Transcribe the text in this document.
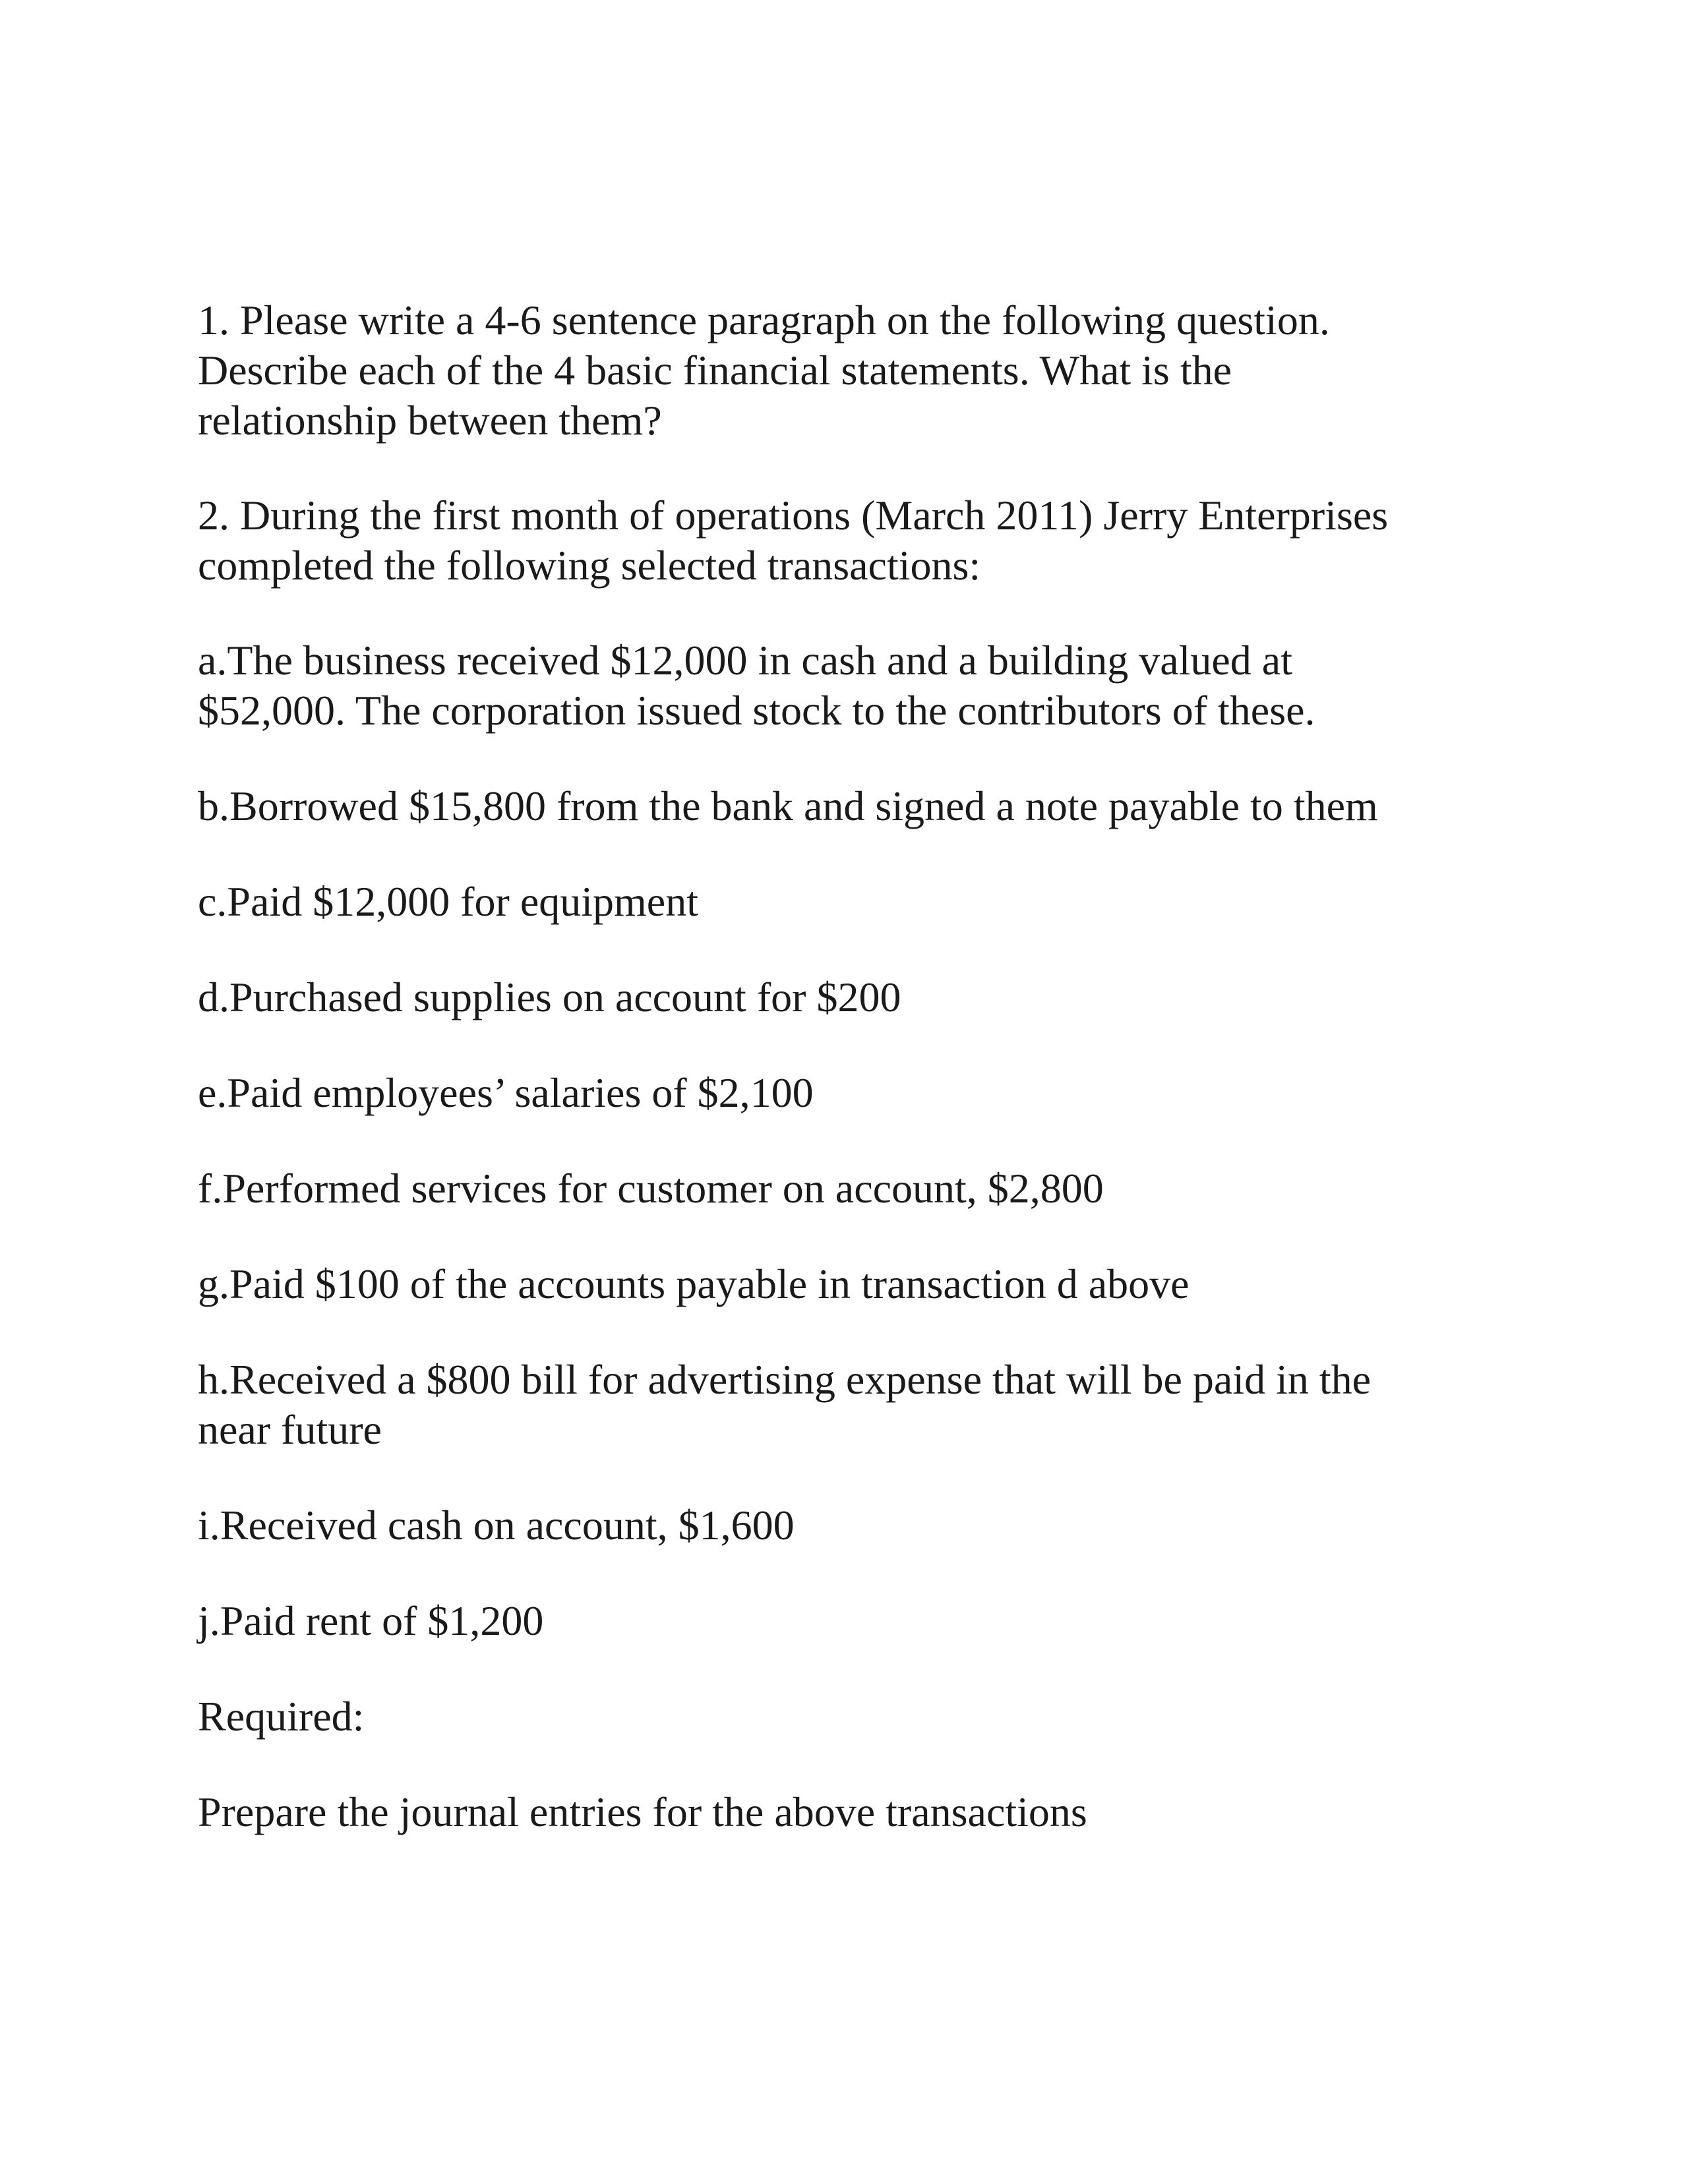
1. Please write a 4-6 sentence paragraph on the following question.
Describe each of the 4 basic financial statements. What is the
relationship between them?

2. During the first month of operations (March 2011) Jerry Enterprises
completed the following selected transactions:

a.The business received $12,000 in cash and a building valued at
$52,000. The corporation issued stock to the contributors of these.

b.Borrowed $15,800 from the bank and signed a note payable to them

c.Paid $12,000 for equipment

d.Purchased supplies on account for $200

e.Paid employees’ salaries of $2,100

f.Performed services for customer on account, $2,800

g.Paid $100 of the accounts payable in transaction d above

h.Received a $800 bill for advertising expense that will be paid in the
near future

i.Received cash on account, $1,600

j.Paid rent of $1,200

Required:

Prepare the journal entries for the above transactions
